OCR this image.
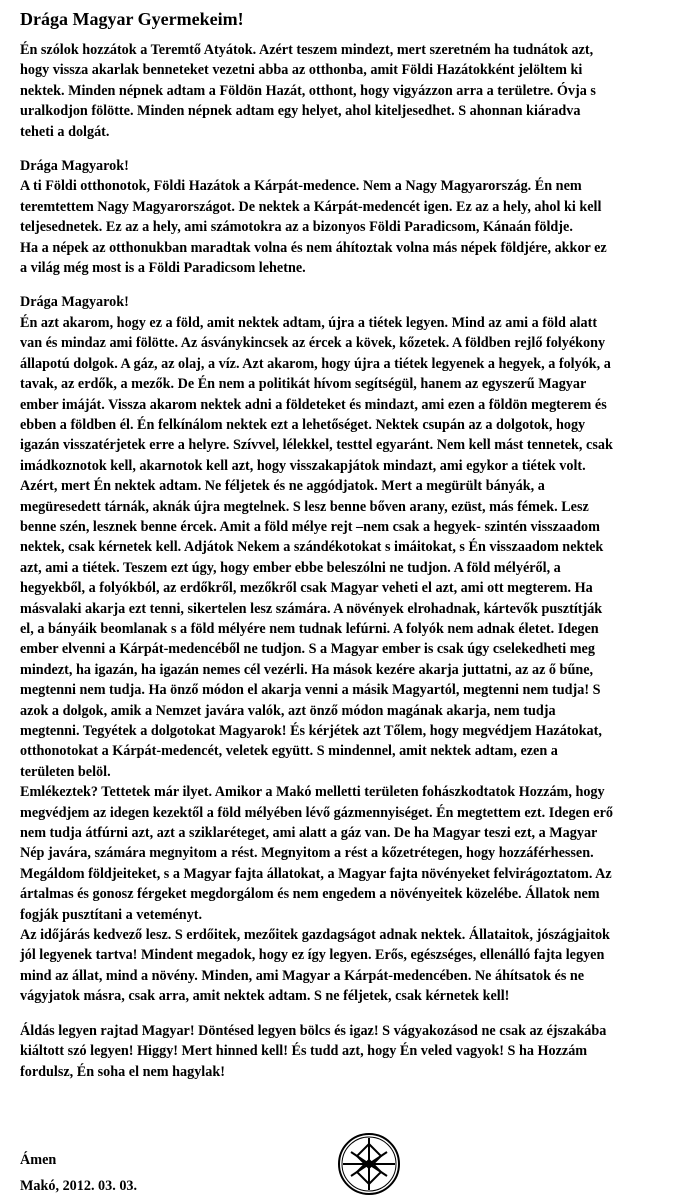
Drága Magyar Gyermekeim!
Én szólok hozzátok a Teremtő Atyátok. Azért teszem mindezt, mert szeretném ha tudnátok azt,
hogy vissza akarlak benneteket vezetni abba az otthonba, amit Földi Hazátokként jelöltem ki
nektek. Minden népnek adtam a Földön Hazát, otthont, hogy vigyázzon arra a területre. Óvja s
uralkodjon fölötte. Minden népnek adtam egy helyet, ahol kiteljesedhet. S ahonnan kiáradva
teheti a dolgát.
Drága Magyarok!
A ti Földi otthonotok, Földi Hazátok a Kárpát-medence. Nem a Nagy Magyarország. Én nem
teremtettem Nagy Magyarországot. De nektek a Kárpát-medencét igen. Ez az a hely, ahol ki kell
teljesednetek. Ez az a hely, ami számotokra az a bizonyos Földi Paradicsom, Kánaán földje.
Ha a népek az otthonukban maradtak volna és nem áhítoztak volna más népek földjére, akkor ez
a világ még most is a Földi Paradicsom lehetne.
Drága Magyarok!
Én azt akarom, hogy ez a föld, amit nektek adtam, újra a tiétek legyen. Mind az ami a föld alatt
van és mindaz ami fölötte. Az ásványkincsek az ércek a kövek, kőzetek. A földben rejlő folyékony
állapotú dolgok. A gáz, az olaj, a víz. Azt akarom, hogy újra a tiétek legyenek a hegyek, a folyók, a
tavak, az erdők, a mezők. De Én nem a politikát hívom segítségül, hanem az egyszerű Magyar
ember imáját. Vissza akarom nektek adni a földeteket és mindazt, ami ezen a földön megterem és
ebben a földben él. Én felkínálom nektek ezt a lehetőséget. Nektek csupán az a dolgotok, hogy
igazán visszatérjetek erre a helyre. Szívvel, lélekkel, testtel egyaránt. Nem kell mást tennetek, csak
imádkoznotok kell, akarnotok kell azt, hogy visszakapjátok mindazt, ami egykor a tiétek volt.
Azért, mert Én nektek adtam. Ne féljetek és ne aggódjatok. Mert a megürült bányák, a
megüresedett tárnák, aknák újra megtelnek. S lesz benne bőven arany, ezüst, más fémek. Lesz
benne szén, lesznek benne ércek. Amit a föld mélye rejt –nem csak a hegyek- szintén visszaadom
nektek, csak kérnetek kell. Adjátok Nekem a szándékotokat s imáitokat, s Én visszaadom nektek
azt, ami a tiétek. Teszem ezt úgy, hogy ember ebbe beleszólni ne tudjon. A föld mélyéről, a
hegyekből, a folyókból, az erdőkről, mezőkről csak Magyar veheti el azt, ami ott megterem. Ha
másvalaki akarja ezt tenni, sikertelen lesz számára. A növények elrohadnak, kártevők pusztítják
el, a bányáik beomlanak s a föld mélyére nem tudnak lefúrni. A folyók nem adnak életet. Idegen
ember elvenni a Kárpát-medencéből ne tudjon. S a Magyar ember is csak úgy cselekedheti meg
mindezt, ha igazán, ha igazán nemes cél vezérli. Ha mások kezére akarja juttatni, az az ő bűne,
megtenni nem tudja. Ha önző módon el akarja venni a másik Magyartól, megtenni nem tudja! S
azok a dolgok, amik a Nemzet javára valók, azt önző módon magának akarja, nem tudja
megtenni. Tegyétek a dolgotokat Magyarok! És kérjétek azt Tőlem, hogy megvédjem Hazátokat,
otthonotokat a Kárpát-medencét, veletek együtt. S mindennel, amit nektek adtam, ezen a
területen belöl.
Emlékeztek? Tettetek már ilyet. Amikor a Makó melletti területen fohászkodtatok Hozzám, hogy
megvédjem az idegen kezektől a föld mélyében lévő gázmennyiséget. Én megtettem ezt. Idegen erő
nem tudja átfúrni azt, azt a sziklaréteget, ami alatt a gáz van. De ha Magyar teszi ezt, a Magyar
Nép javára, számára megnyitom a rést. Megnyitom a rést a kőzetrétegen, hogy hozzáférhessen.
Megáldom földjeiteket, s a Magyar fajta állatokat, a Magyar fajta növényeket felvirágoztatom. Az
ártalmas és gonosz férgeket megdorgálom és nem engedem a növényeitek közelébe. Állatok nem
fogják pusztítani a veteményt.
Az időjárás kedvező lesz. S erdőitek, mezőitek gazdagságot adnak nektek. Állataitok, jószágjaitok
jól legyenek tartva! Mindent megadok, hogy ez így legyen. Erős, egészséges, ellenálló fajta legyen
mind az állat, mind a növény. Minden, ami Magyar a Kárpát-medencében. Ne áhítsatok és ne
vágyjatok másra, csak arra, amit nektek adtam. S ne féljetek, csak kérnetek kell!
Áldás legyen rajtad Magyar! Döntésed legyen bölcs és igaz! S vágyakozásod ne csak az éjszakába
kiáltott szó legyen! Higgy! Mert hinned kell! És tudd azt, hogy Én veled vagyok! S ha Hozzám
fordulsz, Én soha el nem hagylak!
Ámen
Makó, 2012. 03. 03.
